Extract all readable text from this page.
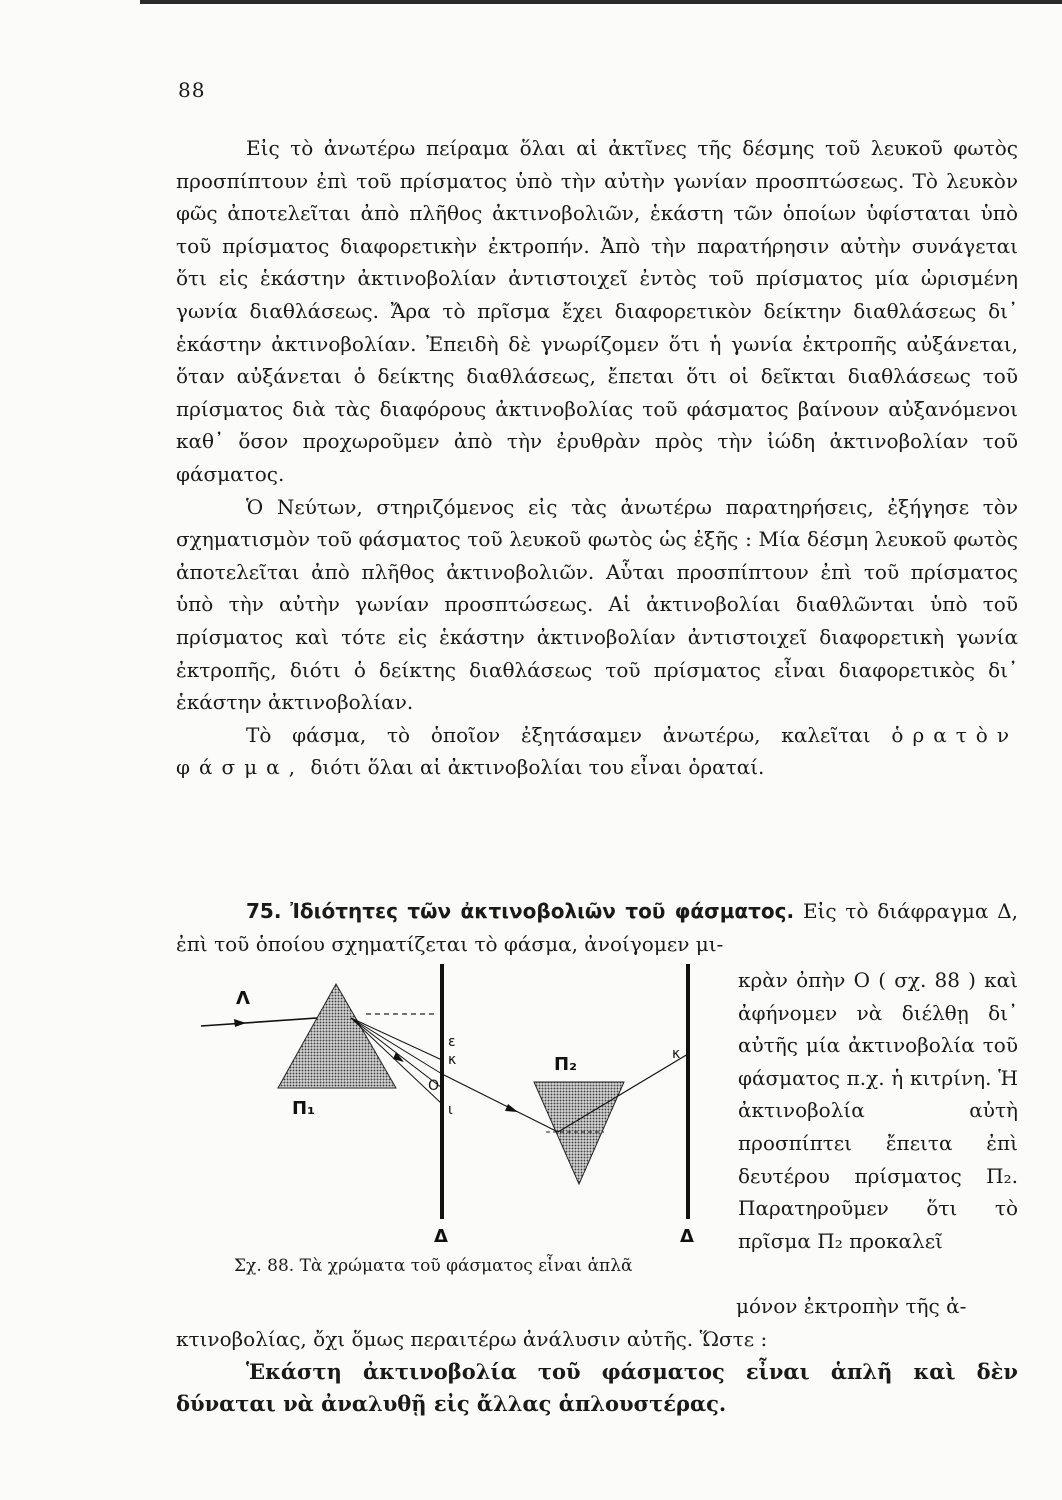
88

Εἰς τὸ ἀνωτέρω πείραμα ὅλαι αἱ ἀκτῖνες τῆς δέσμης τοῦ λευκοῦ φωτὸς προσπίπτουν ἐπὶ τοῦ πρίσματος ὑπὸ τὴν αὐτὴν γωνίαν προσπτώσεως. Τὸ λευκὸν φῶς ἀποτελεῖται ἀπὸ πλῆθος ἀκτινοβολιῶν, ἑκάστη τῶν ὁποίων ὑφίσταται ὑπὸ τοῦ πρίσματος διαφορετικὴν ἐκτροπήν. Ἀπὸ τὴν παρατήρησιν αὐτὴν συνάγεται ὅτι εἰς ἑκάστην ἀκτινοβολίαν ἀντιστοιχεῖ ἐντὸς τοῦ πρίσματος μία ὡρισμένη γωνία διαθλάσεως. Ἄρα τὸ πρῖσμα ἔχει διαφορετικὸν δείκτην διαθλάσεως δι᾽ ἑκάστην ἀκτινοβολίαν. Ἐπειδὴ δὲ γνωρίζομεν ὅτι ἡ γωνία ἐκτροπῆς αὐξάνεται, ὅταν αὐξάνεται ὁ δείκτης διαθλάσεως, ἔπεται ὅτι οἱ δεῖκται διαθλάσεως τοῦ πρίσματος διὰ τὰς διαφόρους ἀκτινοβολίας τοῦ φάσματος βαίνουν αὐξανόμενοι καθ᾽ ὅσον προχωροῦμεν ἀπὸ τὴν ἐρυθρὰν πρὸς τὴν ἰώδη ἀκτινοβολίαν τοῦ φάσματος.

Ὁ Νεύτων, στηριζόμενος εἰς τὰς ἀνωτέρω παρατηρήσεις, ἐξήγησε τὸν σχηματισμὸν τοῦ φάσματος τοῦ λευκοῦ φωτὸς ὡς ἑξῆς : Μία δέσμη λευκοῦ φωτὸς ἀποτελεῖται ἀπὸ πλῆθος ἀκτινοβολιῶν. Αὗται προσπίπτουν ἐπὶ τοῦ πρίσματος ὑπὸ τὴν αὐτὴν γωνίαν προσπτώσεως. Αἱ ἀκτινοβολίαι διαθλῶνται ὑπὸ τοῦ πρίσματος καὶ τότε εἰς ἑκάστην ἀκτινοβολίαν ἀντιστοιχεῖ διαφορετικὴ γωνία ἐκτροπῆς, διότι ὁ δείκτης διαθλάσεως τοῦ πρίσματος εἶναι διαφορετικὸς δι᾽ ἑκάστην ἀκτινοβολίαν.

Τὸ φάσμα, τὸ ὁποῖον ἐξητάσαμεν ἀνωτέρω, καλεῖται ὁρατὸν φάσμα, διότι ὅλαι αἱ ἀκτινοβολίαι του εἶναι ὁραταί.

75. Ἰδιότητες τῶν ἀκτινοβολιῶν τοῦ φάσματος. Εἰς τὸ διάφραγμα Δ, ἐπὶ τοῦ ὁποίου σχηματίζεται τὸ φάσμα, ἀνοίγομεν μι-

Λ
Π₁
ε
κ
Ο
ι
Δ
Π₂	κ
Δ
Σχ. 88. Τὰ χρώματα τοῦ φάσματος εἶναι ἁπλᾶ

κρὰν ὀπὴν Ο ( σχ. 88 ) καὶ ἀφήνομεν νὰ διέλθῃ δι᾽ αὐτῆς μία ἀκτινοβολία τοῦ φάσματος π.χ. ἡ κιτρίνη. Ἡ ἀκτινοβολία αὐτὴ προσπίπτει ἔπειτα ἐπὶ δευτέρου πρίσματος Π₂. Παρατηροῦμεν ὅτι τὸ πρῖσμα Π₂ προκαλεῖ

μόνον ἐκτροπὴν τῆς ἀ-

κτινοβολίας, ὄχι ὅμως περαιτέρω ἀνάλυσιν αὐτῆς. Ὥστε :

Ἑκάστη ἀκτινοβολία τοῦ φάσματος εἶναι ἁπλῆ καὶ δὲν δύναται νὰ ἀναλυθῇ εἰς ἄλλας ἁπλουστέρας.
